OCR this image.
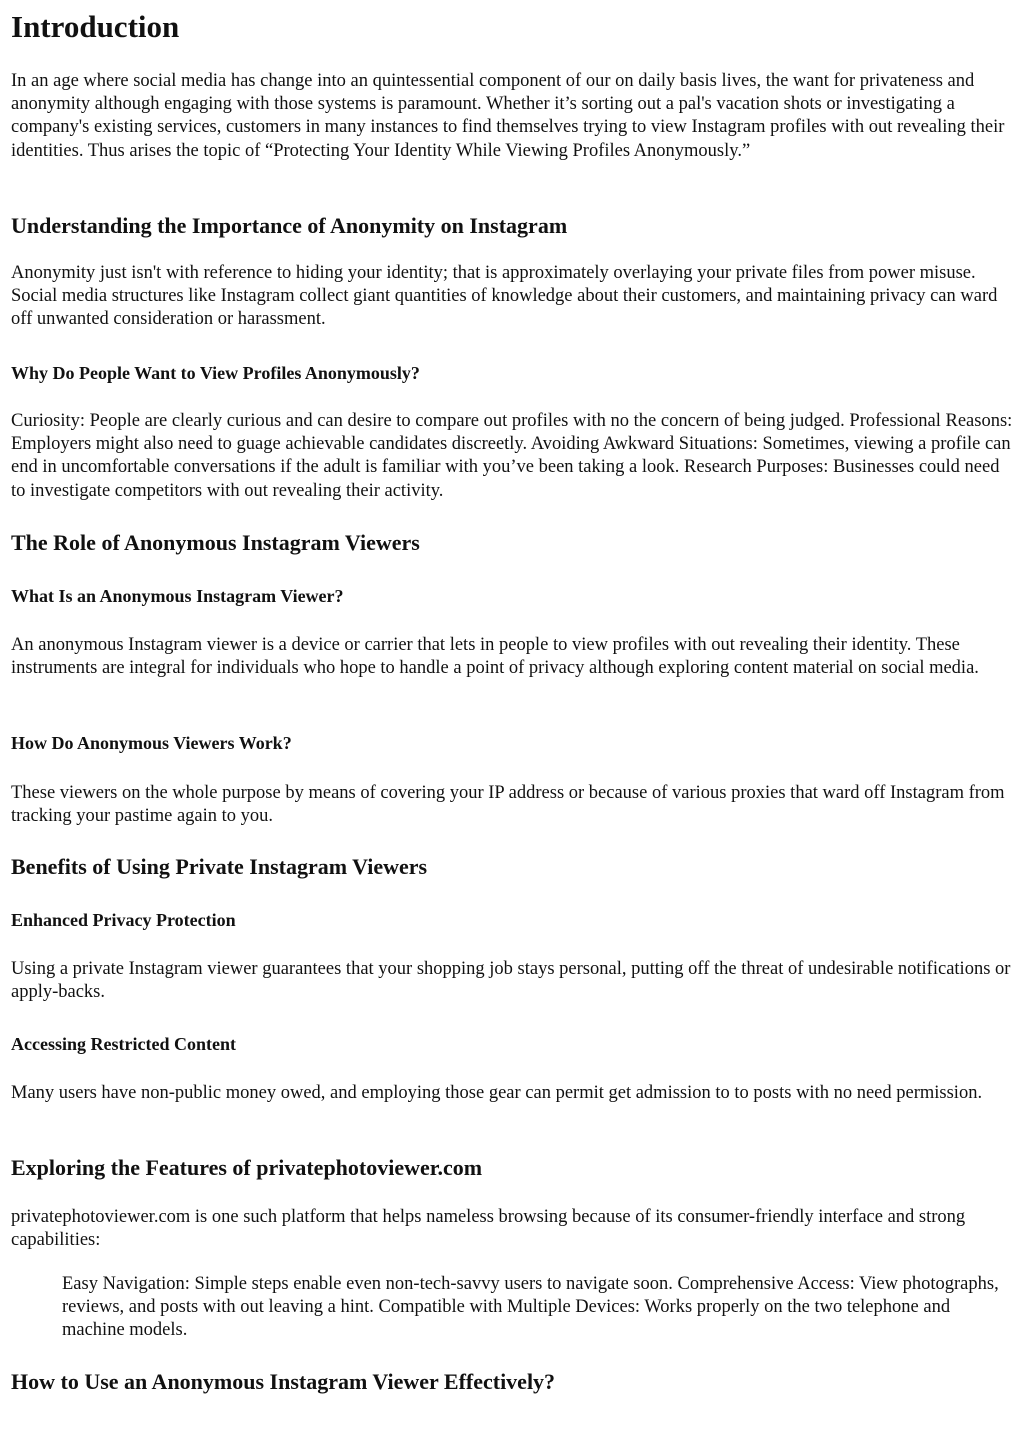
Introduction

In an age where social media has change into an quintessential component of our on daily basis lives, the want for privateness and anonymity although engaging with those systems is paramount. Whether it’s sorting out a pal's vacation shots or investigating a company's existing services, customers in many instances to find themselves trying to view Instagram profiles with out revealing their identities. Thus arises the topic of “Protecting Your Identity While Viewing Profiles Anonymously.”

Understanding the Importance of Anonymity on Instagram

Anonymity just isn't with reference to hiding your identity; that is approximately overlaying your private files from power misuse. Social media structures like Instagram collect giant quantities of knowledge about their customers, and maintaining privacy can ward off unwanted consideration or harassment.

Why Do People Want to View Profiles Anonymously?

Curiosity: People are clearly curious and can desire to compare out profiles with no the concern of being judged. Professional Reasons: Employers might also need to guage achievable candidates discreetly. Avoiding Awkward Situations: Sometimes, viewing a profile can end in uncomfortable conversations if the adult is familiar with you’ve been taking a look. Research Purposes: Businesses could need to investigate competitors with out revealing their activity.

The Role of Anonymous Instagram Viewers
What Is an Anonymous Instagram Viewer?

An anonymous Instagram viewer is a device or carrier that lets in people to view profiles with out revealing their identity. These instruments are integral for individuals who hope to handle a point of privacy although exploring content material on social media.

How Do Anonymous Viewers Work?

These viewers on the whole purpose by means of covering your IP address or because of various proxies that ward off Instagram from tracking your pastime again to you.

Benefits of Using Private Instagram Viewers
Enhanced Privacy Protection

Using a private Instagram viewer guarantees that your shopping job stays personal, putting off the threat of undesirable notifications or apply-backs.

Accessing Restricted Content

Many users have non-public money owed, and employing those gear can permit get admission to to posts with no need permission.

Exploring the Features of privatephotoviewer.com

privatephotoviewer.com is one such platform that helps nameless browsing because of its consumer-friendly interface and strong capabilities:

Easy Navigation: Simple steps enable even non-tech-savvy users to navigate soon. Comprehensive Access: View photographs, reviews, and posts with out leaving a hint. Compatible with Multiple Devices: Works properly on the two telephone and machine models.

How to Use an Anonymous Instagram Viewer Effectively?
